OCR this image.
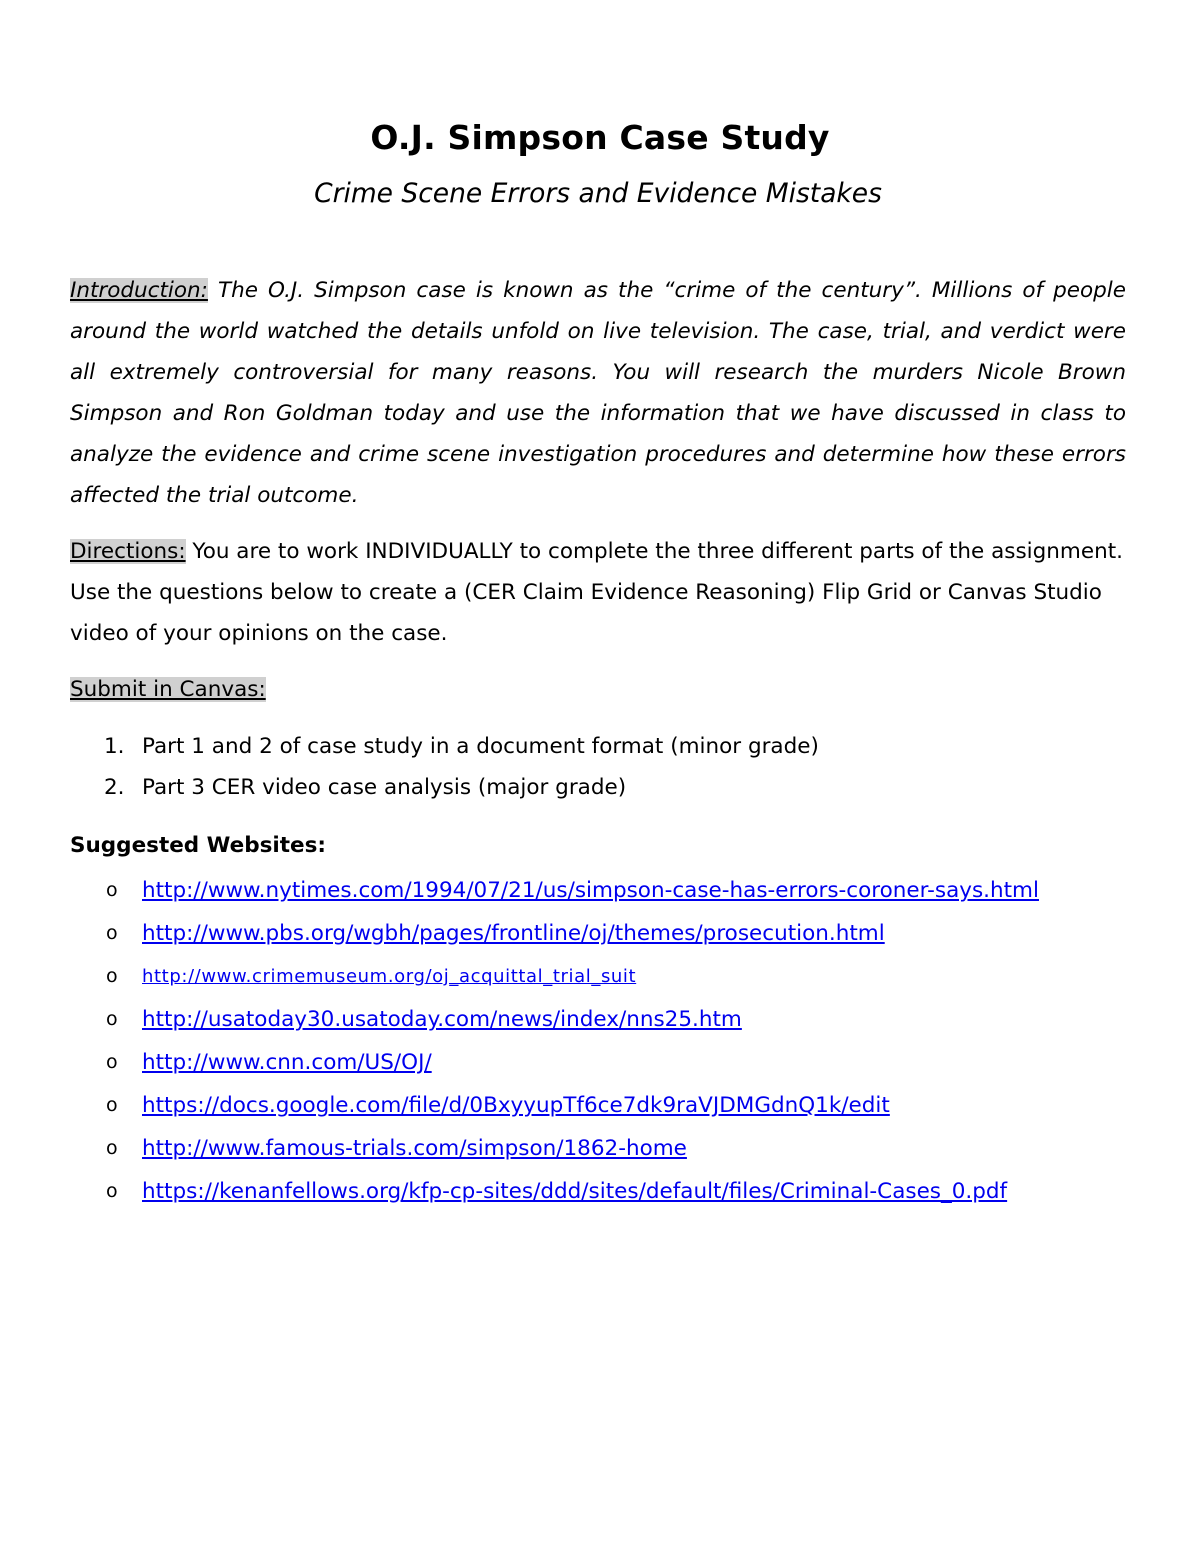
O.J. Simpson Case Study
Crime Scene Errors and Evidence Mistakes
Introduction: The O.J. Simpson case is known as the “crime of the century”. Millions of people around the world watched the details unfold on live television. The case, trial, and verdict were all extremely controversial for many reasons. You will research the murders Nicole Brown Simpson and Ron Goldman today and use the information that we have discussed in class to analyze the evidence and crime scene investigation procedures and determine how these errors affected the trial outcome.
Directions: You are to work INDIVIDUALLY to complete the three different parts of the assignment. Use the questions below to create a (CER Claim Evidence Reasoning) Flip Grid or Canvas Studio video of your opinions on the case.
Submit in Canvas:
1. Part 1 and 2 of case study in a document format (minor grade)
2. Part 3 CER video case analysis (major grade)
Suggested Websites:
o http://www.nytimes.com/1994/07/21/us/simpson-case-has-errors-coroner-says.html
o http://www.pbs.org/wgbh/pages/frontline/oj/themes/prosecution.html
o http://www.crimemuseum.org/oj_acquittal_trial_suit
o http://usatoday30.usatoday.com/news/index/nns25.htm
o http://www.cnn.com/US/OJ/
o https://docs.google.com/file/d/0BxyyupTf6ce7dk9raVJDMGdnQ1k/edit
o http://www.famous-trials.com/simpson/1862-home
o https://kenanfellows.org/kfp-cp-sites/ddd/sites/default/files/Criminal-Cases_0.pdf
